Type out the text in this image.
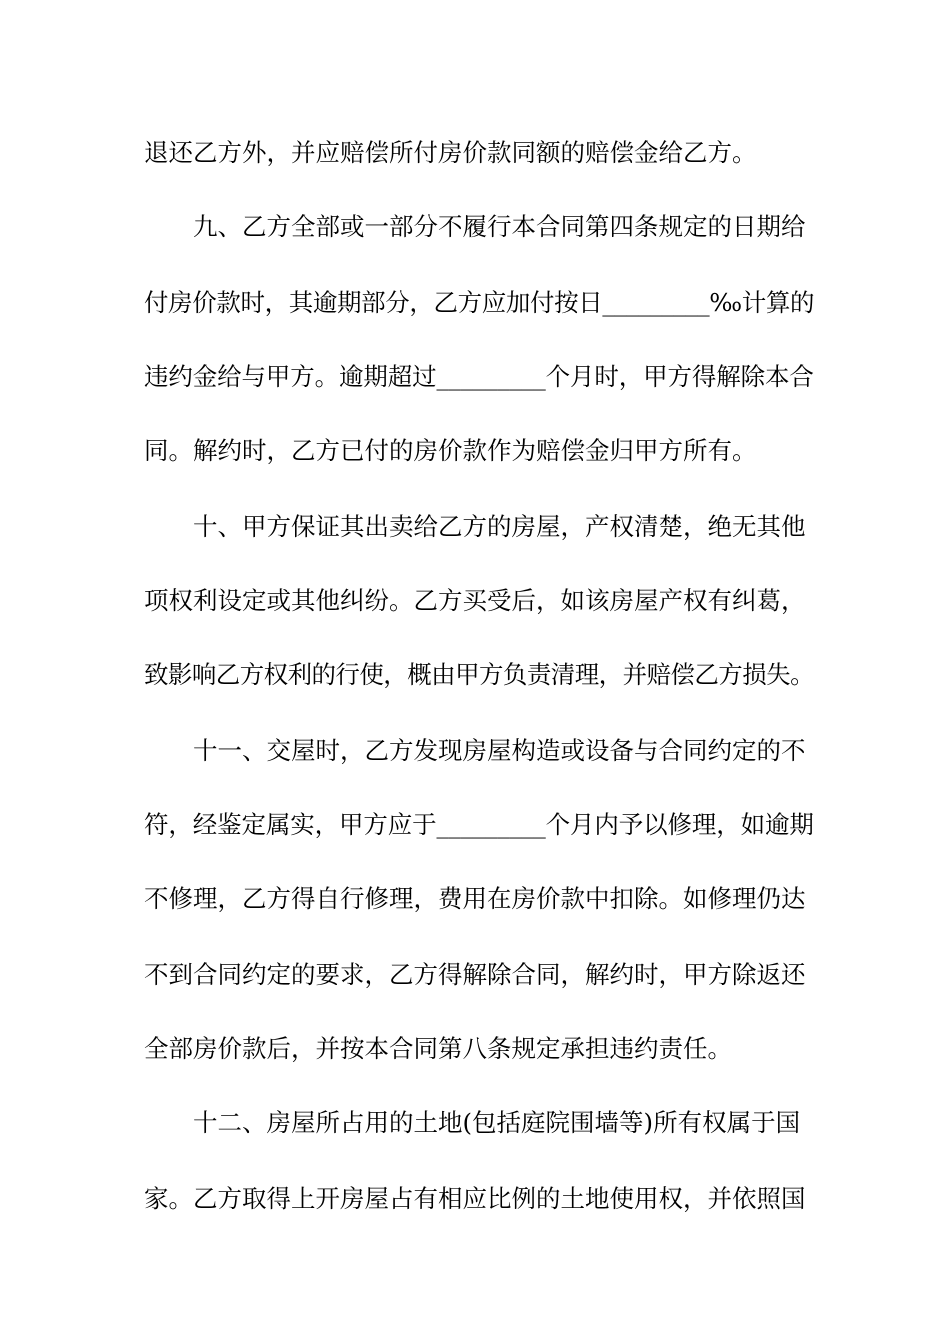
退还乙方外，并应赔偿所付房价款同额的赔偿金给乙方。
九、乙方全部或一部分不履行本合同第四条规定的日期给
付房价款时，其逾期部分，乙方应加付按日_________‰计算的
违约金给与甲方。逾期超过_________个月时，甲方得解除本合
同。解约时，乙方已付的房价款作为赔偿金归甲方所有。
十、甲方保证其出卖给乙方的房屋，产权清楚，绝无其他
项权利设定或其他纠纷。乙方买受后，如该房屋产权有纠葛，
致影响乙方权利的行使，概由甲方负责清理，并赔偿乙方损失。
十一、交屋时，乙方发现房屋构造或设备与合同约定的不
符，经鉴定属实，甲方应于_________个月内予以修理，如逾期
不修理，乙方得自行修理，费用在房价款中扣除。如修理仍达
不到合同约定的要求，乙方得解除合同，解约时，甲方除返还
全部房价款后，并按本合同第八条规定承担违约责任。
十二、房屋所占用的土地(包括庭院围墙等)所有权属于国
家。乙方取得上开房屋占有相应比例的土地使用权，并依照国
